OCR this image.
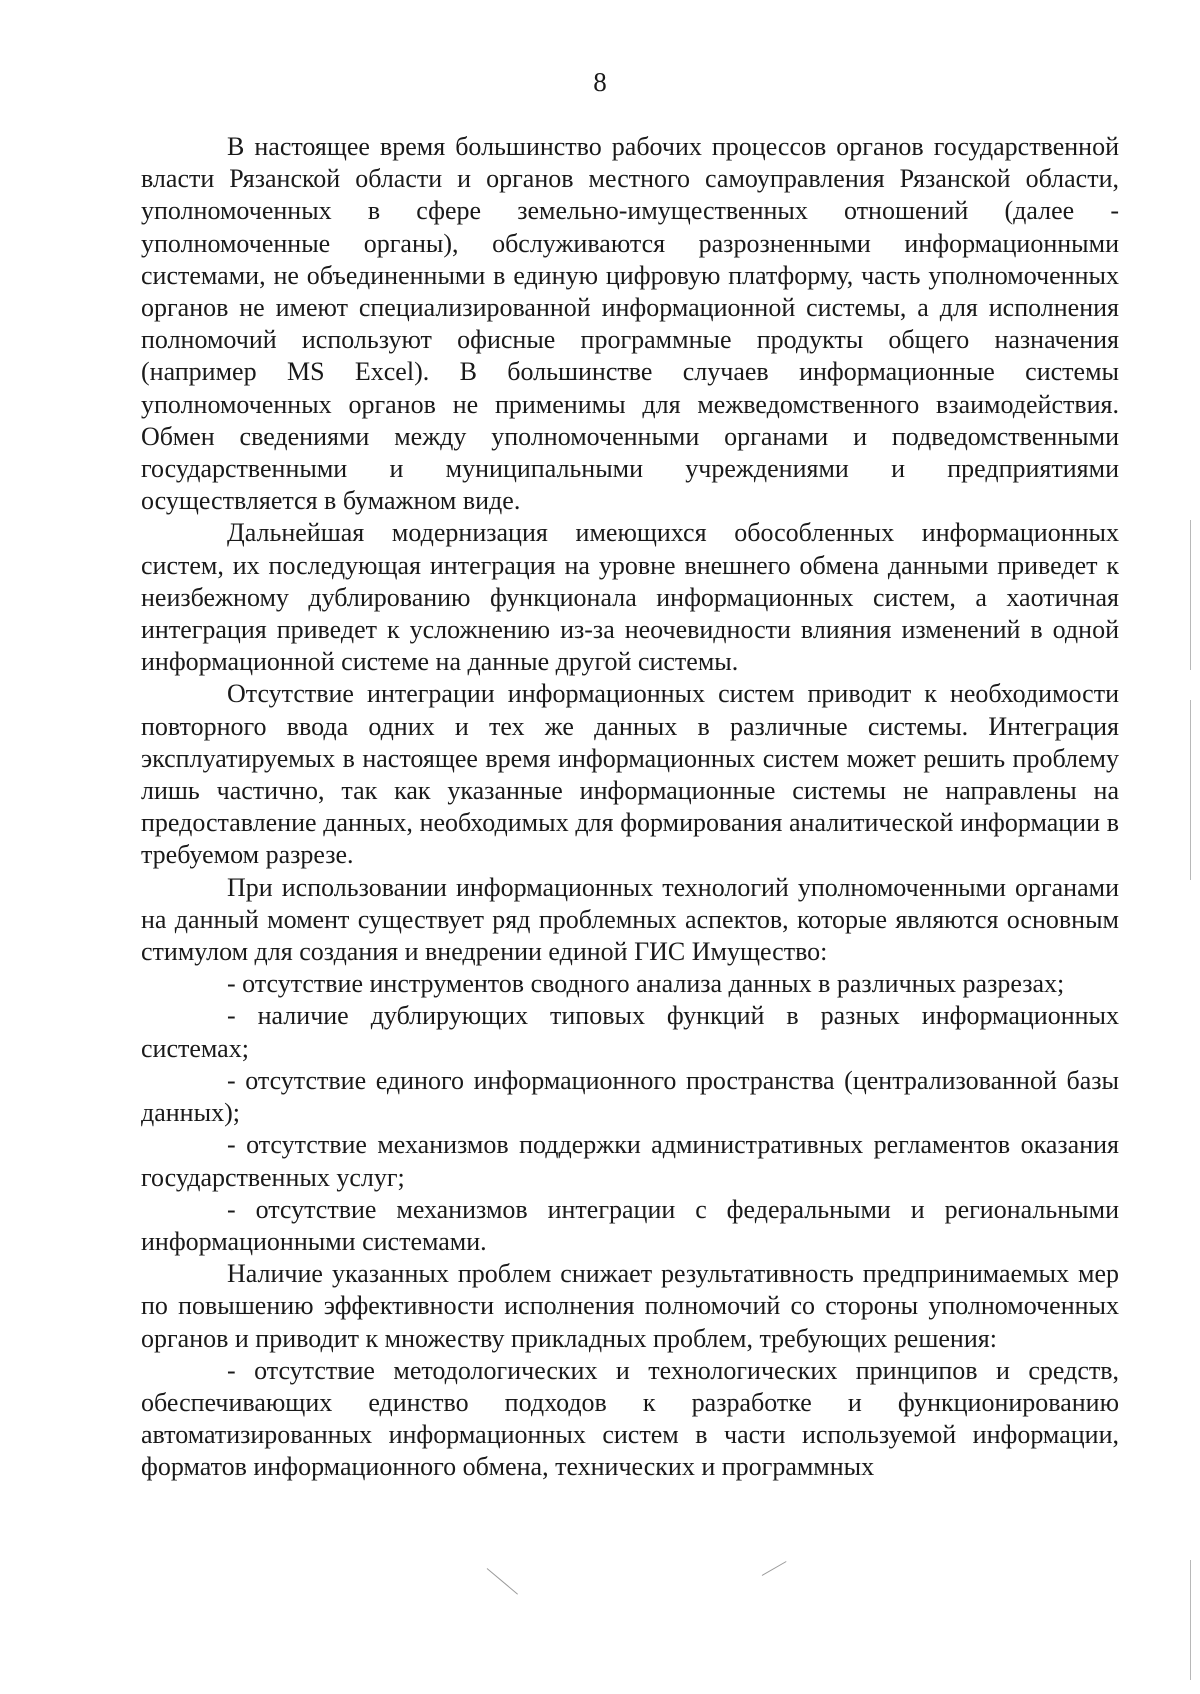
8

В настоящее время большинство рабочих процессов органов государственной власти Рязанской области и органов местного самоуправления Рязанской области, уполномоченных в сфере земельно-имущественных отношений (далее - уполномоченные органы), обслуживаются разрозненными информационными системами, не объединенными в единую цифровую платформу, часть уполномоченных органов не имеют специализированной информационной системы, а для исполнения полномочий используют офисные программные продукты общего назначения (например MS Excel). В большинстве случаев информационные системы уполномоченных органов не применимы для межведомственного взаимодействия. Обмен сведениями между уполномоченными органами и подведомственными государственными и муниципальными учреждениями и предприятиями осуществляется в бумажном виде.

Дальнейшая модернизация имеющихся обособленных информационных систем, их последующая интеграция на уровне внешнего обмена данными приведет к неизбежному дублированию функционала информационных систем, а хаотичная интеграция приведет к усложнению из-за неочевидности влияния изменений в одной информационной системе на данные другой системы.

Отсутствие интеграции информационных систем приводит к необходимости повторного ввода одних и тех же данных в различные системы. Интеграция эксплуатируемых в настоящее время информационных систем может решить проблему лишь частично, так как указанные информационные системы не направлены на предоставление данных, необходимых для формирования аналитической информации в требуемом разрезе.

При использовании информационных технологий уполномоченными органами на данный момент существует ряд проблемных аспектов, которые являются основным стимулом для создания и внедрении единой ГИС Имущество:

- отсутствие инструментов сводного анализа данных в различных разрезах;

- наличие дублирующих типовых функций в разных информационных системах;

- отсутствие единого информационного пространства (централизованной базы данных);

- отсутствие механизмов поддержки административных регламентов оказания государственных услуг;

- отсутствие механизмов интеграции с федеральными и региональными информационными системами.

Наличие указанных проблем снижает результативность предпринимаемых мер по повышению эффективности исполнения полномочий со стороны уполномоченных органов и приводит к множеству прикладных проблем, требующих решения:

- отсутствие методологических и технологических принципов и средств, обеспечивающих единство подходов к разработке и функционированию автоматизированных информационных систем в части используемой информации, форматов информационного обмена, технических и программных
